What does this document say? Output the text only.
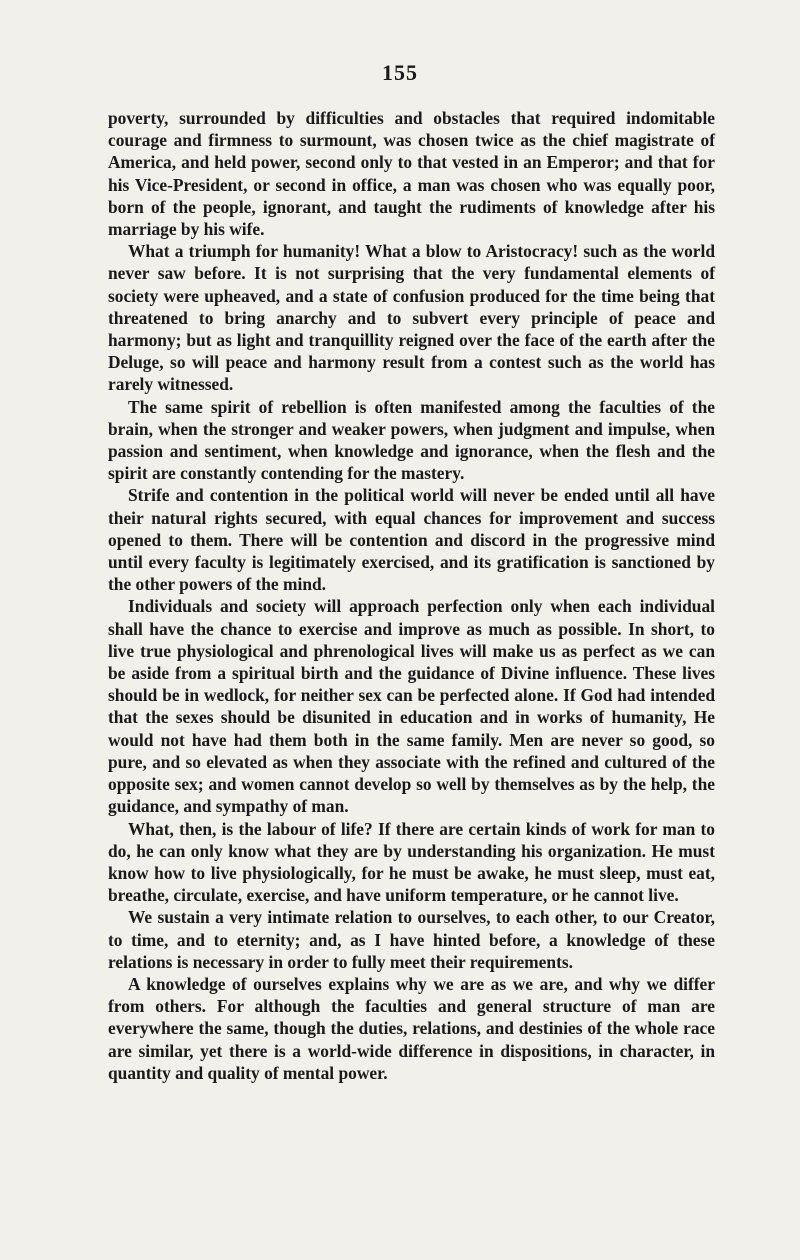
155

poverty, surrounded by difficulties and obstacles that required indomitable courage and firmness to surmount, was chosen twice as the chief magistrate of America, and held power, second only to that vested in an Emperor; and that for his Vice-President, or second in office, a man was chosen who was equally poor, born of the people, ignorant, and taught the rudiments of knowledge after his marriage by his wife.

What a triumph for humanity! What a blow to Aristocracy! such as the world never saw before. It is not surprising that the very fundamental elements of society were upheaved, and a state of confusion produced for the time being that threatened to bring anarchy and to subvert every principle of peace and harmony; but as light and tranquillity reigned over the face of the earth after the Deluge, so will peace and harmony result from a contest such as the world has rarely witnessed.

The same spirit of rebellion is often manifested among the faculties of the brain, when the stronger and weaker powers, when judgment and impulse, when passion and sentiment, when knowledge and ignorance, when the flesh and the spirit are constantly contending for the mastery.

Strife and contention in the political world will never be ended until all have their natural rights secured, with equal chances for improvement and success opened to them. There will be contention and discord in the progressive mind until every faculty is legitimately exercised, and its gratification is sanctioned by the other powers of the mind.

Individuals and society will approach perfection only when each individual shall have the chance to exercise and improve as much as possible. In short, to live true physiological and phrenological lives will make us as perfect as we can be aside from a spiritual birth and the guidance of Divine influence. These lives should be in wedlock, for neither sex can be perfected alone. If God had intended that the sexes should be disunited in education and in works of humanity, He would not have had them both in the same family. Men are never so good, so pure, and so elevated as when they associate with the refined and cultured of the opposite sex; and women cannot develop so well by themselves as by the help, the guidance, and sympathy of man.

What, then, is the labour of life? If there are certain kinds of work for man to do, he can only know what they are by understanding his organization. He must know how to live physiologically, for he must be awake, he must sleep, must eat, breathe, circulate, exercise, and have uniform temperature, or he cannot live.

We sustain a very intimate relation to ourselves, to each other, to our Creator, to time, and to eternity; and, as I have hinted before, a knowledge of these relations is necessary in order to fully meet their requirements.

A knowledge of ourselves explains why we are as we are, and why we differ from others. For although the faculties and general structure of man are everywhere the same, though the duties, relations, and destinies of the whole race are similar, yet there is a world-wide difference in dispositions, in character, in quantity and quality of mental power.
